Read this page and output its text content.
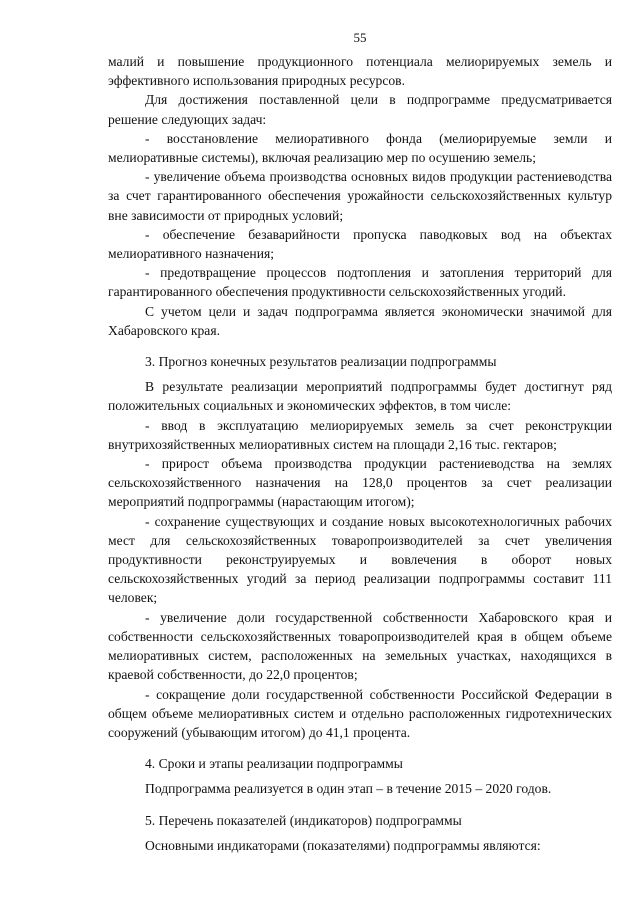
55

малий и повышение продукционного потенциала мелиорируемых земель и эффективного использования природных ресурсов.

Для достижения поставленной цели в подпрограмме предусматривается решение следующих задач:

- восстановление мелиоративного фонда (мелиорируемые земли и мелиоративные системы), включая реализацию мер по осушению земель;

- увеличение объема производства основных видов продукции растениеводства за счет гарантированного обеспечения урожайности сельскохозяйственных культур вне зависимости от природных условий;

- обеспечение безаварийности пропуска паводковых вод на объектах мелиоративного назначения;

- предотвращение процессов подтопления и затопления территорий для гарантированного обеспечения продуктивности сельскохозяйственных угодий.

С учетом цели и задач подпрограмма является экономически значимой для Хабаровского края.

3. Прогноз конечных результатов реализации подпрограммы

В результате реализации мероприятий подпрограммы будет достигнут ряд положительных социальных и экономических эффектов, в том числе:

- ввод в эксплуатацию мелиорируемых земель за счет реконструкции внутрихозяйственных мелиоративных систем на площади 2,16 тыс. гектаров;

- прирост объема производства продукции растениеводства на землях сельскохозяйственного назначения на 128,0 процентов за счет реализации мероприятий подпрограммы (нарастающим итогом);

- сохранение существующих и создание новых высокотехнологичных рабочих мест для сельскохозяйственных товаропроизводителей за счет увеличения продуктивности реконструируемых и вовлечения в оборот новых сельскохозяйственных угодий за период реализации подпрограммы составит 111 человек;

- увеличение доли государственной собственности Хабаровского края и собственности сельскохозяйственных товаропроизводителей края в общем объеме мелиоративных систем, расположенных на земельных участках, находящихся в краевой собственности, до 22,0 процентов;

- сокращение доли государственной собственности Российской Федерации в общем объеме мелиоративных систем и отдельно расположенных гидротехнических сооружений (убывающим итогом) до 41,1 процента.

4. Сроки и этапы реализации подпрограммы

Подпрограмма реализуется в один этап – в течение 2015 – 2020 годов.

5. Перечень показателей (индикаторов) подпрограммы

Основными индикаторами (показателями) подпрограммы являются:
